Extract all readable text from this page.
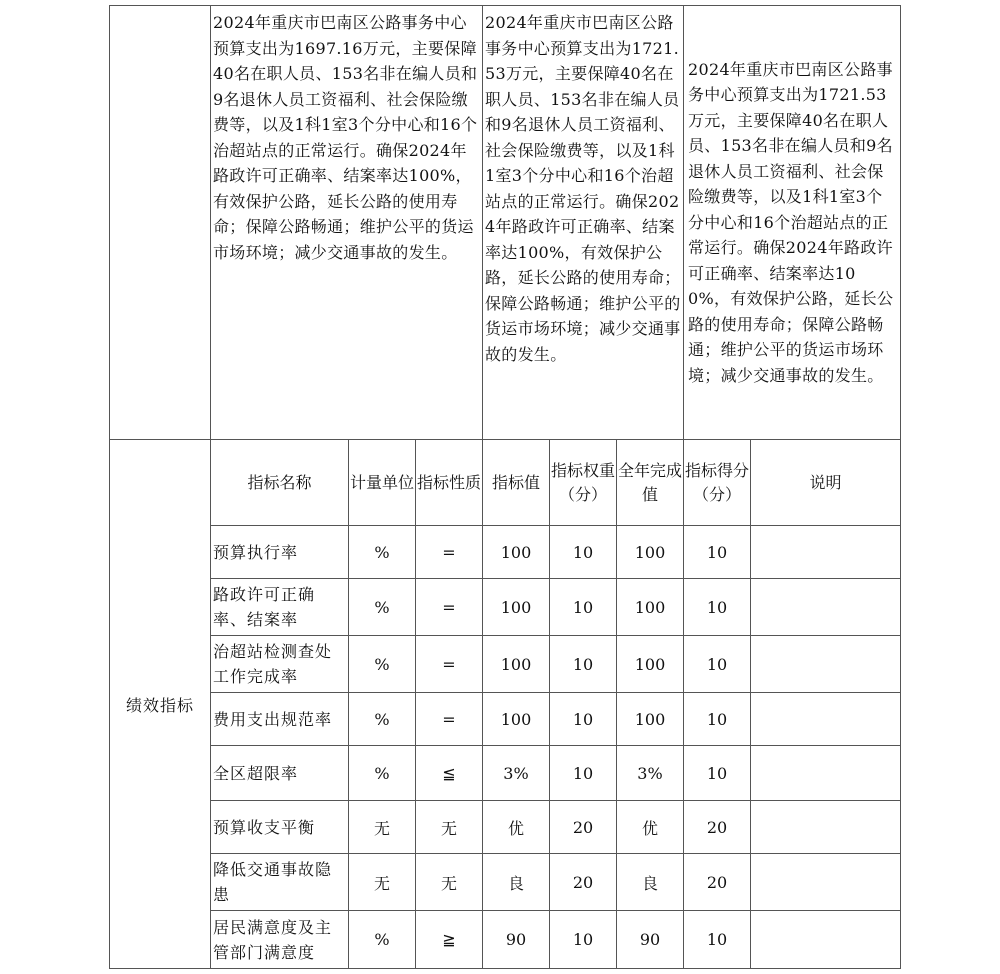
	2024年重庆市巴南区公路事务中心预算支出为1697.16万元，主要保障40名在职人员、153名非在编人员和9名退休人员工资福利、社会保险缴费等，以及1科1室3个分中心和16个治超站点的正常运行。确保2024年路政许可正确率、结案率达100%，有效保护公路，延长公路的使用寿命；保障公路畅通；维护公平的货运市场环境；减少交通事故的发生。			2024年重庆市巴南区公路事务中心预算支出为1721.53万元，主要保障40名在职人员、153名非在编人员和9名退休人员工资福利、社会保险缴费等，以及1科1室3个分中心和16个治超站点的正常运行。确保2024年路政许可正确率、结案率达100%，有效保护公路，延长公路的使用寿命；保障公路畅通；维护公平的货运市场环境；减少交通事故的发生。			2024年重庆市巴南区公路事务中心预算支出为1721.53万元，主要保障40名在职人员、153名非在编人员和9名退休人员工资福利、社会保险缴费等，以及1科1室3个分中心和16个治超站点的正常运行。确保2024年路政许可正确率、结案率达100%，有效保护公路，延长公路的使用寿命；保障公路畅通；维护公平的货运市场环境；减少交通事故的发生。	
绩效指标	指标名称	计量单位	指标性质	指标值	指标权重（分）	全年完成值	指标得分（分）	说明
	预算执行率	%	=	100	10	100	10	
	路政许可正确率、结案率	%	=	100	10	100	10	
	治超站检测查处工作完成率	%	=	100	10	100	10	
	费用支出规范率	%	=	100	10	100	10	
	全区超限率	%	≦	3%	10	3%	10	
	预算收支平衡	无	无	优	20	优	20	
	降低交通事故隐患	无	无	良	20	良	20	
	居民满意度及主管部门满意度	%	≧	90	10	90	10	
